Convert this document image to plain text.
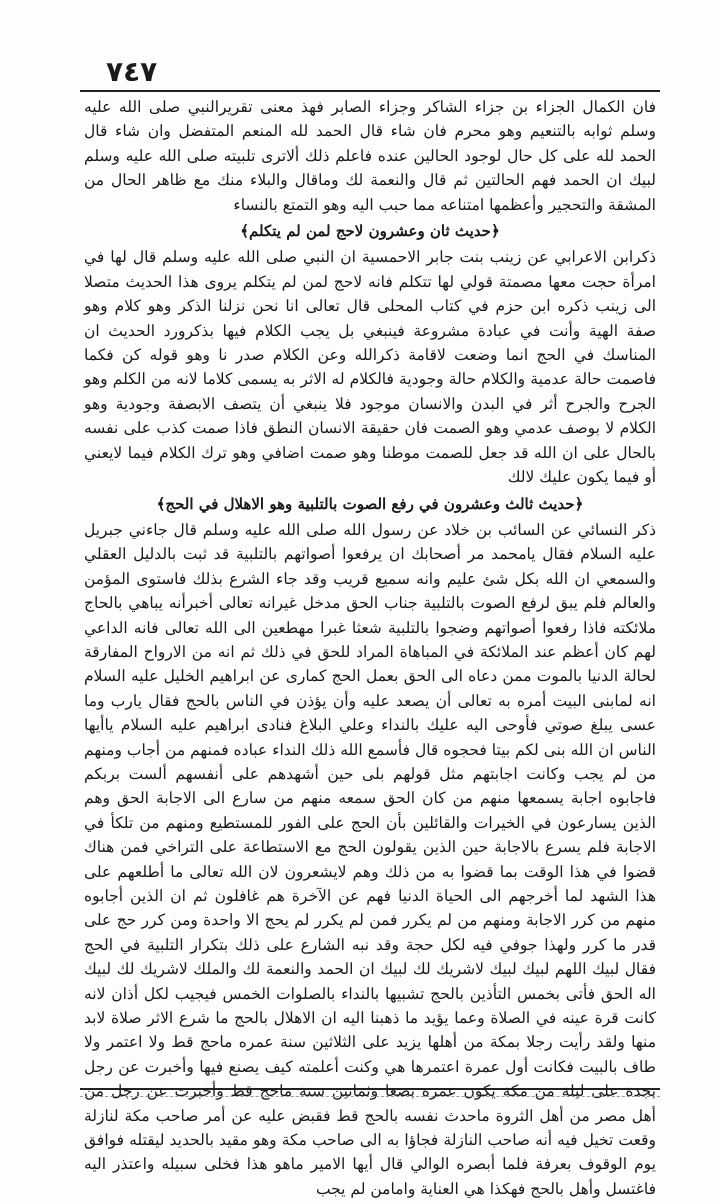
٧٤٧

فان الكمال الجزاء بن جزاء الشاكر وجزاء الصابر فهذ معنى تقريرالنبي صلى الله عليه وسلم ثوابه بالتنعيم وهو محرم فان شاء قال الحمد لله المنعم المتفضل وان شاء قال الحمد لله على كل حال لوجود الحالين عنده فاعلم ذلك ألاترى تلبيته صلى الله عليه وسلم لبيك ان الحمد فهم الحالتين ثم قال والنعمة لك وماقال والبلاء منك مع ظاهر الحال من المشقة والتحجير وأعظمها امتناعه مما حبب اليه وهو التمتع بالنساء

﴿حديث ثان وعشرون لاحج لمن لم يتكلم﴾

ذكرابن الاعرابي عن زينب بنت جابر الاحمسية ان النبي صلى الله عليه وسلم قال لها في امرأة حجت معها مصمتة قولي لها تتكلم فانه لاحج لمن لم يتكلم يروى هذا الحديث متصلا الى زينب ذكره ابن حزم في كتاب المحلى قال تعالى انا نحن نزلنا الذكر وهو كلام وهو صفة الهية وأنت في عبادة مشروعة فينبغي بل يجب الكلام فيها بذكرورد الحديث ان المناسك في الحج انما وضعت لاقامة ذكرالله وعن الكلام صدر نا وهو قوله كن فكما فاصمت حالة عدمية والكلام حالة وجودية فالكلام له الاثر به يسمى كلاما لانه من الكلم وهو الجرح والجرح أثر في البدن والانسان موجود فلا ينبغي أن يتصف الابصفة وجودية وهو الكلام لا بوصف عدمي وهو الصمت فان حقيقة الانسان النطق فاذا صمت كذب على نفسه بالحال على ان الله قد جعل للصمت موطنا وهو صمت اضافي وهو ترك الكلام فيما لايعني أو فيما يكون عليك لالك

﴿حديث ثالث وعشرون في رفع الصوت بالتلبية وهو الاهلال في الحج﴾

ذكر النسائي عن السائب بن خلاد عن رسول الله صلى الله عليه وسلم قال جاءني جبريل عليه السلام فقال يامحمد مر أصحابك ان يرفعوا أصواتهم بالتلبية قد ثبت بالدليل العقلي والسمعي ان الله بكل شئ عليم وانه سميع قريب وقد جاء الشرع بذلك فاستوى المؤمن والعالم فلم يبق لرفع الصوت بالتلبية جناب الحق مدخل غيرانه تعالى أخبرأنه يباهي بالحاج ملائكته فاذا رفعوا أصواتهم وضجوا بالتلبية شعثا غبرا مهطعين الى الله تعالى فانه الداعي لهم كان أعظم عند الملائكة في المباهاة المراد للحق في ذلك ثم انه من الارواح المفارقة لحالة الدنيا بالموت ممن دعاه الى الحق بعمل الحج كمارى عن ابراهيم الخليل عليه السلام انه لمابنى البيت أمره به تعالى أن يصعد عليه وأن يؤذن في الناس بالحج فقال يارب وما عسى يبلغ صوتي فأوحى اليه عليك بالنداء وعلي البلاغ فنادى ابراهيم عليه السلام ياأيها الناس ان الله بنى لكم بيتا فحجوه قال فأسمع الله ذلك النداء عباده فمنهم من أجاب ومنهم من لم يجب وكانت اجابتهم مثل قولهم بلى حين أشهدهم على أنفسهم ألست بربكم فاجابوه اجابة يسمعها منهم من كان الحق سمعه منهم من سارع الى الاجابة الحق وهم الذين يسارعون في الخيرات والقائلين بأن الحج على الفور للمستطيع ومنهم من تلكأ في الاجابة فلم يسرع بالاجابة حين الذين يقولون الحج مع الاستطاعة على التراخي فمن هناك قضوا في هذا الوقت بما قضوا به من ذلك وهم لايشعرون لان الله تعالى ما أطلعهم على هذا الشهد لما أخرجهم الى الحياة الدنيا فهم عن الآخرة هم غافلون ثم ان الذين أجابوه منهم من كرر الاجابة ومنهم من لم يكرر فمن لم يكرر لم يحج الا واحدة ومن كرر حج على قدر ما كرر ولهذا جوفي فيه لكل حجة وقد نبه الشارع على ذلك بتكرار التلبية في الحج فقال لبيك اللهم لبيك لبيك لاشريك لك لبيك ان الحمد والنعمة لك والملك لاشريك لك لبيك اله الحق فأتى بخمس التأذين بالحج تشبيها بالنداء بالصلوات الخمس فيجيب لكل أذان لانه كانت قرة عينه في الصلاة وعما يؤيد ما ذهبنا اليه ان الاهلال بالحج ما شرع الاثر صلاة لابد منها ولقد رأيت رجلا بمكة من أهلها يزيد على الثلاثين سنة عمره ماحج قط ولا اعتمر ولا طاف بالبيت فكانت أول عمرة اعتمرها هي وكنت أعلمته كيف يصنع فيها وأخبرت عن رجل بجدة على ليلة من مكة يكون عمره بضعا وثمانين سنة ماحج قط وأخبرت عن رجل من أهل مصر من أهل الثروة ماحدث نفسه بالحج قط فقبض عليه عن أمر صاحب مكة لنازلة وقعت تخيل فيه أنه صاحب النازلة فجاؤا به الى صاحب مكة وهو مقيد بالحديد ليقتله فوافق يوم الوقوف بعرفة فلما أبصره الوالي قال أيها الامير ماهو هذا فخلى سبيله واعتذر اليه فاغتسل وأهل بالحج فهكذا هي العناية وامامن لم يجب
